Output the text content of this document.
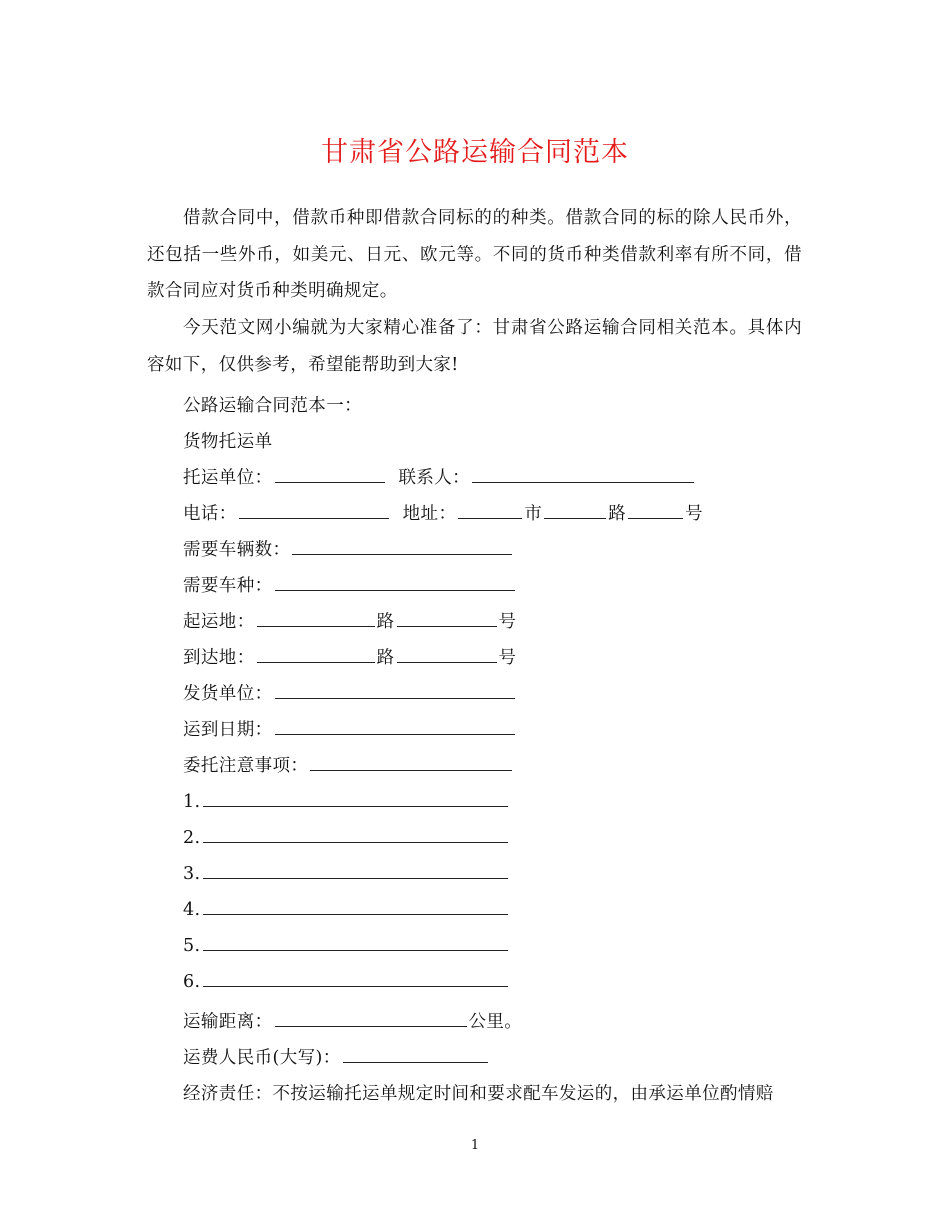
甘肃省公路运输合同范本
借款合同中，借款币种即借款合同标的的种类。借款合同的标的除人民币外，还包括一些外币，如美元、日元、欧元等。不同的货币种类借款利率有所不同，借款合同应对货币种类明确规定。
今天范文网小编就为大家精心准备了：甘肃省公路运输合同相关范本。具体内容如下，仅供参考，希望能帮助到大家!
公路运输合同范本一：
货物托运单
托运单位：	联系人：
电话：	地址：	市	路	号
需要车辆数：
需要车种：
起运地：	路	号
到达地：	路	号
发货单位：
运到日期：
委托注意事项：
1.
2.
3.
4.
5.
6.
运输距离：	公里。
运费人民币(大写)：
经济责任：不按运输托运单规定时间和要求配车发运的，由承运单位酌情赔
1
